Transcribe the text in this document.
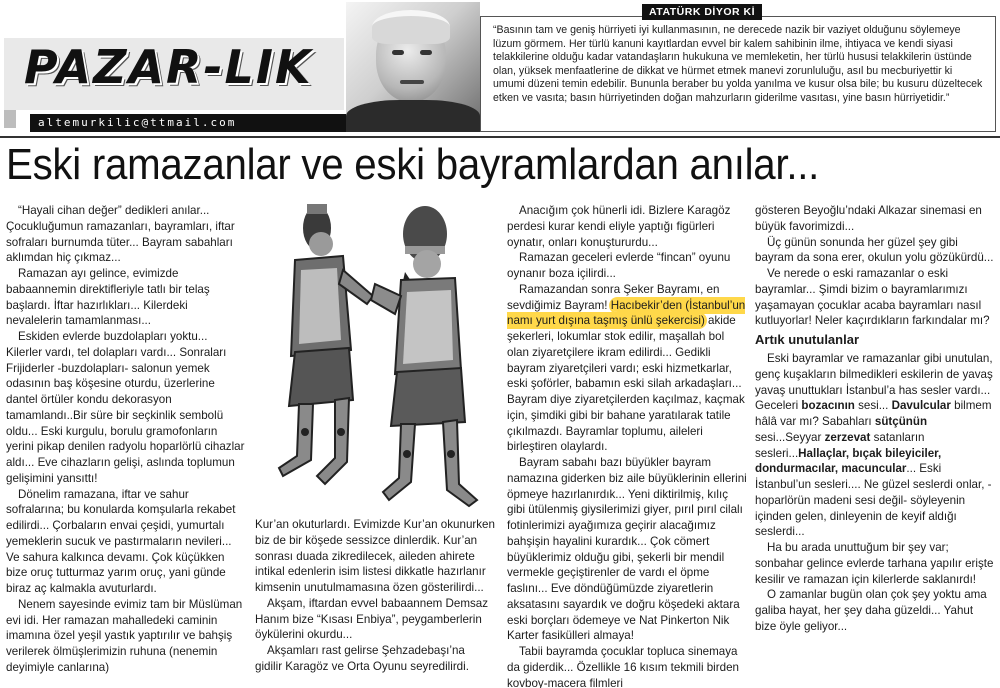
PAZAR-LIK
altemurkilic@ttmail.com

“Basının tam ve geniş hürriyeti iyi kullanmasının, ne derecede nazik bir vaziyet olduğunu söylemeye lüzum görmem. Her türlü kanuni kayıtlardan evvel bir kalem sahibinin ilme, ihtiyaca ve kendi siyasi telakkilerine olduğu kadar vatandaşların hukukuna ve memleketin, her türlü hususi telakkilerin üstünde olan, yüksek menfaatlerine de dikkat ve hürmet etmek manevi zorunluluğu, asıl bu mecburiyettir ki umumi düzeni temin edebilir. Bununla beraber bu yolda yanılma ve kusur olsa bile; bu kusuru düzeltecek etken ve vasıta; basın hürriyetinden doğan mahzurların giderilme vasıtası, yine basın hürriyetidir.”

ATATÜRK DİYOR Kİ
Eski ramazanlar ve eski bayramlardan anılar...

“Hayali cihan değer” dedikleri anılar... Çocukluğumun ramazanları, bayramları, iftar sofraları burnumda tüter... Bayram sabahları aklımdan hiç çıkmaz...

Ramazan ayı gelince, evimizde babaannemin direktifleriyle tatlı bir telaş başlardı. İftar hazırlıkları... Kilerdeki nevalelerin tamamlanması...

Eskiden evlerde buzdolapları yoktu... Kilerler vardı, tel dolapları vardı... Sonraları Frijiderler -buzdolapları- salonun yemek odasının baş köşesine oturdu, üzerlerine dantel örtüler kondu dekorasyon tamamlandı..Bir süre bir seçkinlik sembolü oldu... Eski kurgulu, borulu gramofonların yerini pikap denilen radyolu hoparlörlü cihazlar aldı... Eve cihazların gelişi, aslında toplumun gelişimini yansıttı!

Dönelim ramazana, iftar ve sahur sofralarına; bu konularda komşularla rekabet edilirdi... Çorbaların envai çeşidi, yumurtalı yemeklerin sucuk ve pastırmaların nevileri... Ve sahura kalkınca devamı. Çok küçükken bize oruç tutturmaz yarım oruç, yani günde biraz aç kalmakla avuturlardı.

Nenem sayesinde evimiz tam bir Müslüman evi idi. Her ramazan mahalledeki caminin imamına özel yeşil yastık yaptırılır ve bahşiş verilerek ölmüşlerimizin ruhuna (nenemin deyimiyle canlarına)

Kur’an okuturlardı. Evimizde Kur’an okunurken biz de bir köşede sessizce dinlerdik. Kur’an sonrası duada zikredilecek, aileden ahirete intikal edenlerin isim listesi dikkatle hazırlanır kimsenin unutulmamasına özen gösterilirdi...

Akşam, iftardan evvel babaannem Demsaz Hanım bize “Kısası Enbiya”, peygamberlerin öykülerini okurdu...

Akşamları rast gelirse Şehzadebaşı’na gidilir Karagöz ve Orta Oyunu seyredilirdi.

Anacığım çok hünerli idi. Bizlere Karagöz perdesi kurar kendi eliyle yaptığı figürleri oynatır, onları konuştururdu...

Ramazan geceleri evlerde “fincan” oyunu oynanır boza içilirdi...

Ramazandan sonra Şeker Bayramı, en sevdiğimiz Bayram! Hacıbekir’den (İstanbul’un namı yurt dışına taşmış ünlü şekercisi) akide şekerleri, lokumlar stok edilir, maşallah bol olan ziyaretçilere ikram edilirdi... Gedikli bayram ziyaretçileri vardı; eski hizmetkarlar, eski şoförler, babamın eski silah arkadaşları... Bayram diye ziyaretçilerden kaçılmaz, kaçmak için, şimdiki gibi bir bahane yaratılarak tatile çıkılmazdı. Bayramlar toplumu, aileleri birleştiren olaylardı.

Bayram sabahı bazı büyükler bayram namazına giderken biz aile büyüklerinin ellerini öpmeye hazırlanırdık... Yeni diktirilmiş, kılıç gibi ütülenmiş giysilerimizi giyer, pırıl pırıl cilalı fotinlerimizi ayağımıza geçirir alacağımız bahşişin hayalini kurardık... Çok cömert büyüklerimiz olduğu gibi, şekerli bir mendil vermekle geçiştirenler de vardı el öpme faslını... Eve döndüğümüzde ziyaretlerin aksatasını sayardık ve doğru köşedeki aktara eski borçları ödemeye ve Nat Pinkerton Nik Karter fasikülleri almaya!

Tabii bayramda çocuklar topluca sinemaya da giderdik... Özellikle 16 kısım tekmili birden kovboy-macera filmleri

gösteren Beyoğlu’ndaki Alkazar sinemasi en büyük favorimizdi...

Üç günün sonunda her güzel şey gibi bayram da sona erer, okulun yolu gözükürdü...

Ve nerede o eski ramazanlar o eski bayramlar... Şimdi bizim o bayramlarımızı yaşamayan çocuklar acaba bayramları nasıl kutluyorlar! Neler kaçırdıkların farkındalar mı?

Artık unutulanlar

Eski bayramlar ve ramazanlar gibi unutulan, genç kuşakların bilmedikleri eskilerin de yavaş yavaş unuttukları İstanbul’a has sesler vardı... Geceleri bozacının sesi... Davulcular bilmem hâlâ var mı? Sabahları sütçünün sesi...Seyyar zerzevat satanların sesleri...Hallaçlar, bıçak bileyiciler, dondurmacılar, macuncular... Eski İstanbul’un sesleri.... Ne güzel seslerdi onlar, -hoparlörün madeni sesi değil- söyleyenin içinden gelen, dinleyenin de keyif aldığı seslerdi...

Ha bu arada unuttuğum bir şey var; sonbahar gelince evlerde tarhana yapılır erişte kesilir ve ramazan için kilerlerde saklanırdı!

O zamanlar bugün olan çok şey yoktu ama galiba hayat, her şey daha güzeldi... Yahut bize öyle geliyor...
